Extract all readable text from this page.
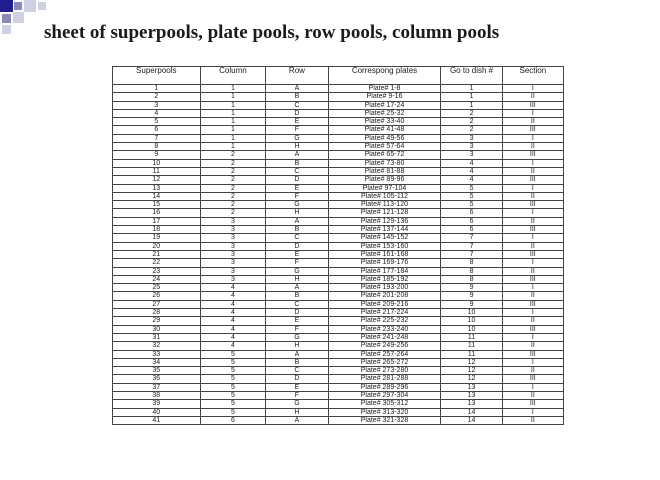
sheet of superpools, plate pools, row pools, column pools
Superpools	Column	Row	Correspong plates	Go to dish #	Section
1	1	A	Plate# 1-8	1	I
2	1	B	Plate# 9-16	1	II
3	1	C	Plate# 17-24	1	III
4	1	D	Plate# 25-32	2	I
5	1	E	Plate# 33-40	2	II
6	1	F	Plate# 41-48	2	III
7	1	G	Plate# 49-56	3	I
8	1	H	Plate# 57-64	3	II
9	2	A	Plate# 65-72	3	III
10	2	B	Plate# 73-80	4	I
11	2	C	Plate# 81-88	4	II
12	2	D	Plate# 89-96	4	III
13	2	E	Plate# 97-104	5	I
14	2	F	Plate# 105-112	5	II
15	2	G	Plate# 113-120	5	III
16	2	H	Plate# 121-128	6	I
17	3	A	Plate# 129-136	6	II
18	3	B	Plate# 137-144	6	III
19	3	C	Plate# 145-152	7	I
20	3	D	Plate# 153-160	7	II
21	3	E	Plate# 161-168	7	III
22	3	F	Plate# 169-176	8	I
23	3	G	Plate# 177-184	8	II
24	3	H	Plate# 185-192	8	III
25	4	A	Plate# 193-200	9	I
26	4	B	Plate# 201-208	9	II
27	4	C	Plate# 209-216	9	III
28	4	D	Plate# 217-224	10	I
29	4	E	Plate# 225-232	10	II
30	4	F	Plate# 233-240	10	III
31	4	G	Plate# 241-248	11	I
32	4	H	Plate# 249-256	11	II
33	5	A	Plate# 257-264	11	III
34	5	B	Plate# 265-272	12	I
35	5	C	Plate# 273-280	12	II
36	5	D	Plate# 281-288	12	III
37	5	E	Plate# 289-296	13	I
38	5	F	Plate# 297-304	13	II
39	5	G	Plate# 305-312	13	III
40	5	H	Plate# 313-320	14	I
41	6	A	Plate# 321-328	14	II
